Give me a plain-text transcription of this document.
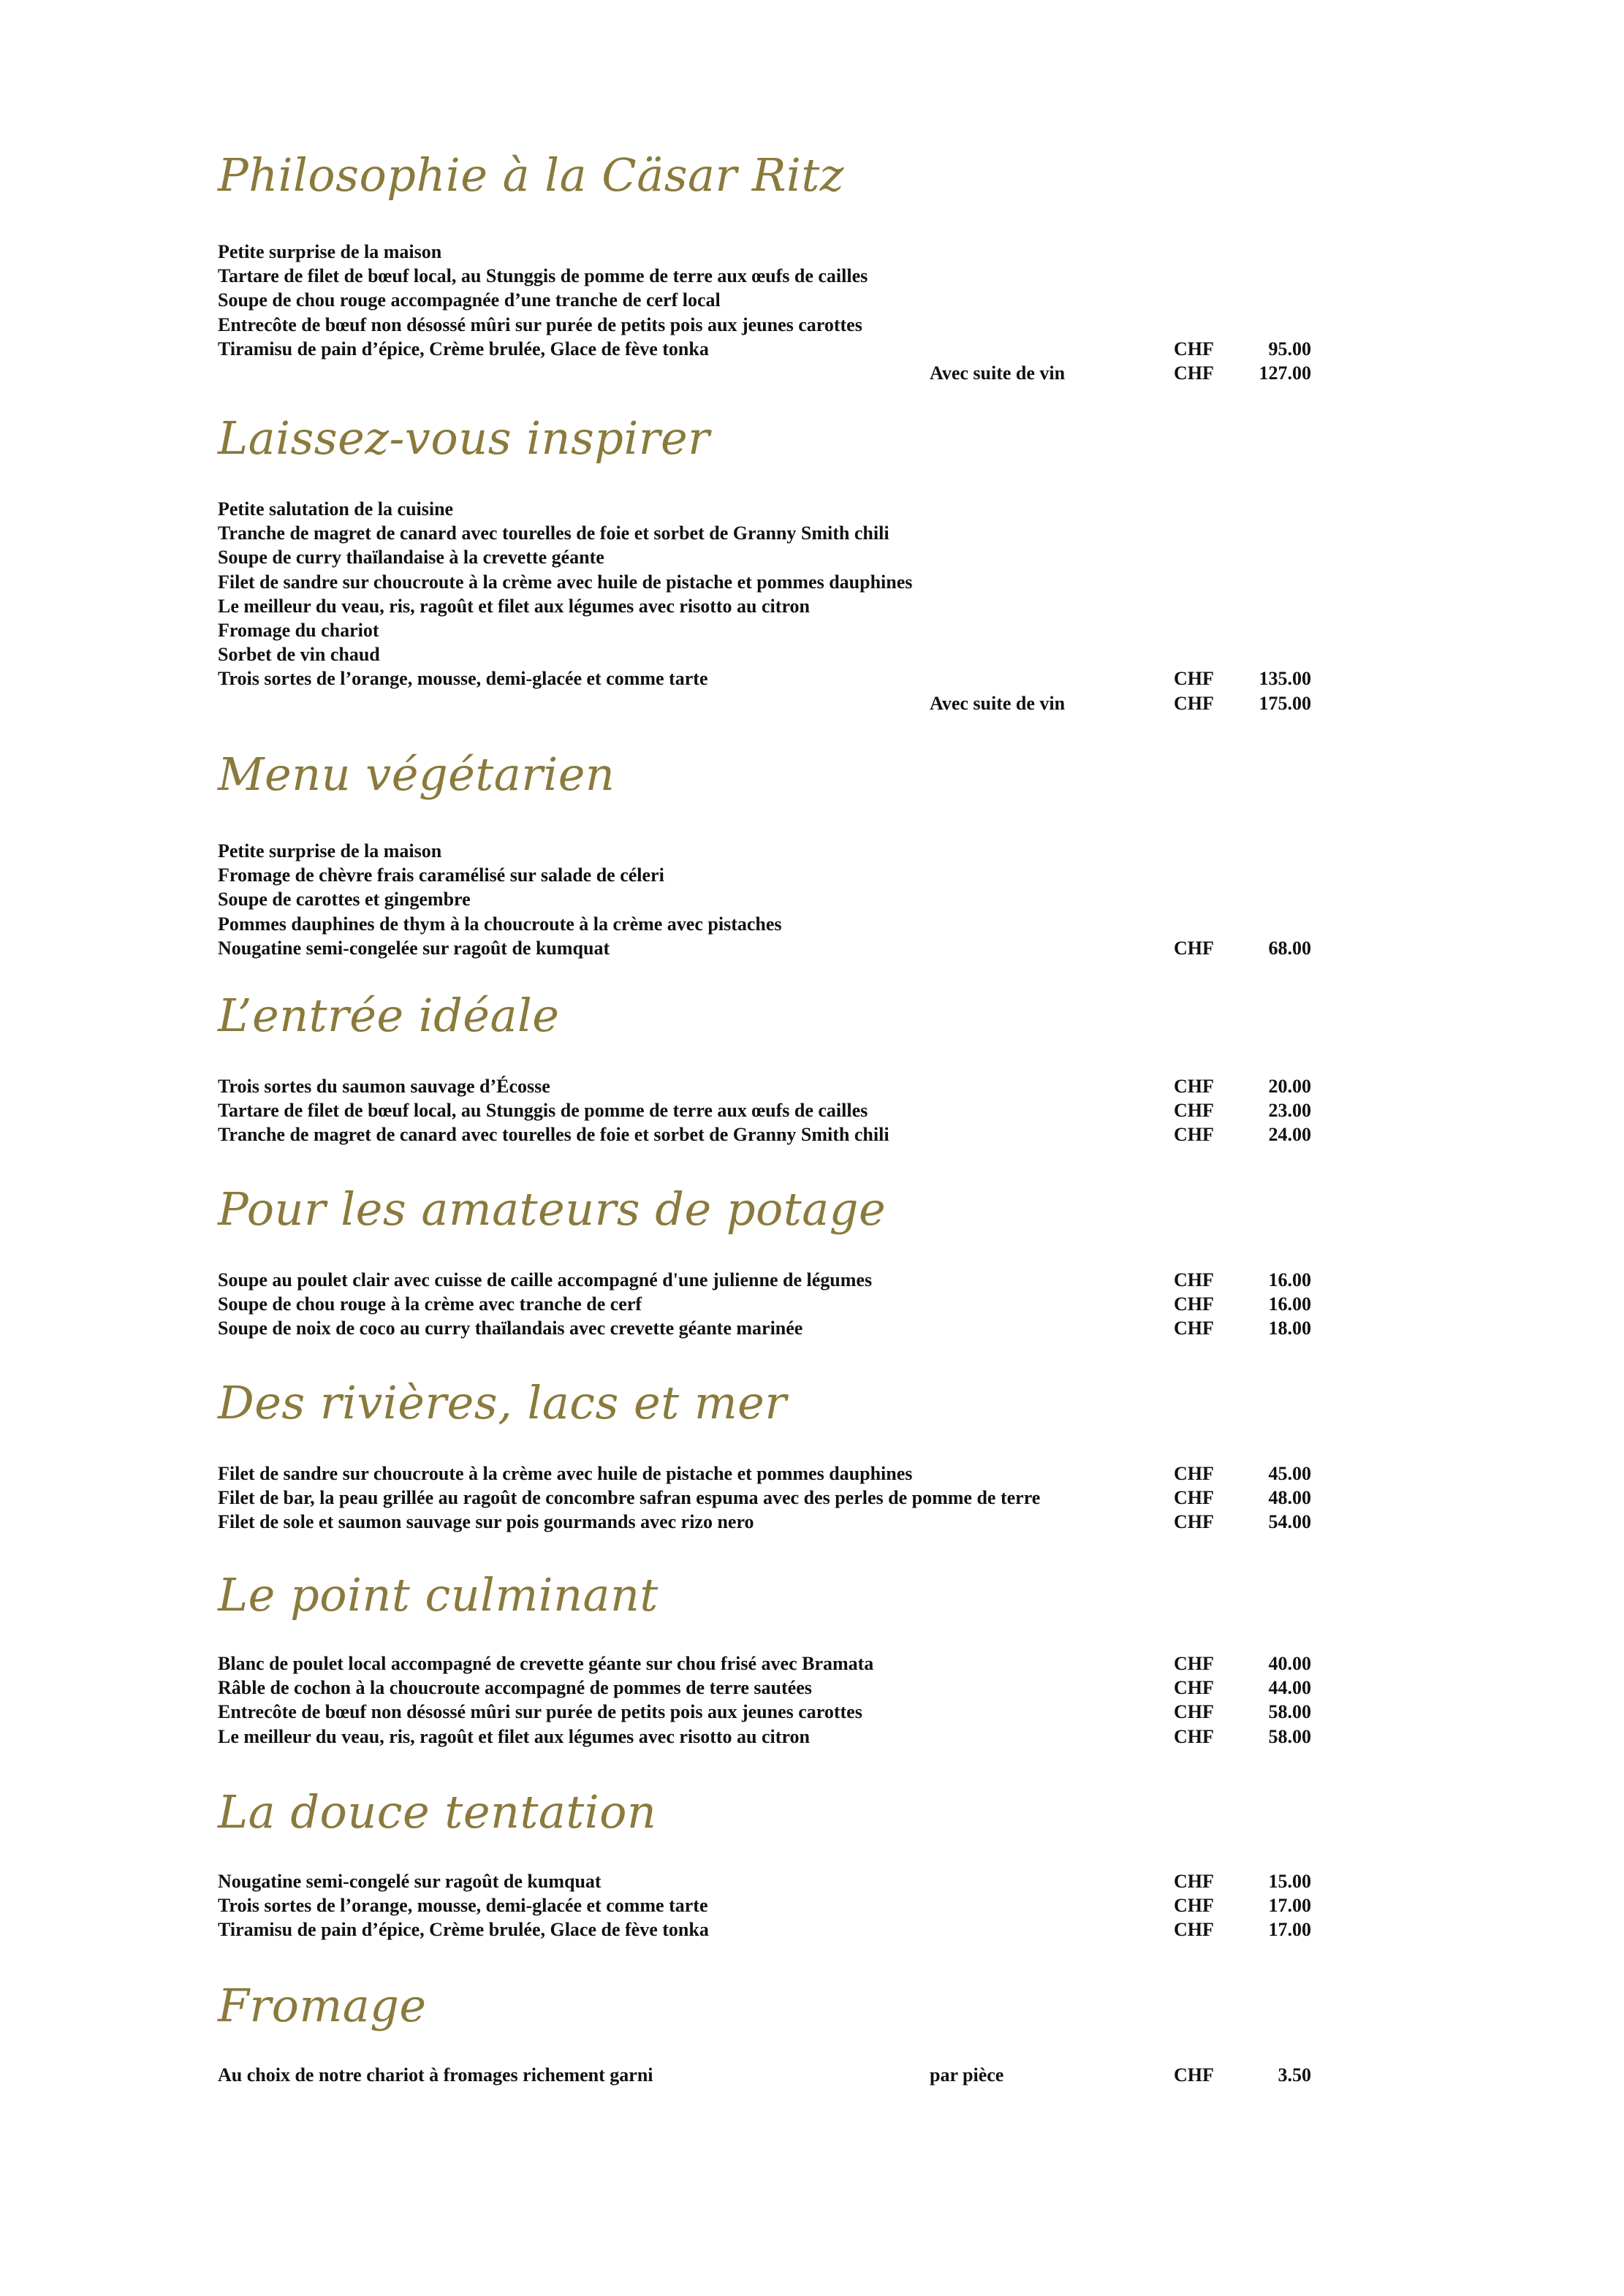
Philosophie à la Cäsar Ritz
Petite surprise de la maison
Tartare de filet de bœuf local, au Stunggis de pomme de terre aux œufs de cailles
Soupe de chou rouge accompagnée d’une tranche de cerf local
Entrecôte de bœuf non désossé mûri sur purée de petits pois aux jeunes carottes
Tiramisu de pain d’épice, Crème brulée, Glace de fève tonka	CHF	95.00
Avec suite de vin	CHF 127.00
Laissez-vous inspirer
Petite salutation de la cuisine
Tranche de magret de canard avec tourelles de foie et sorbet de Granny Smith chili
Soupe de curry thaïlandaise à la crevette géante
Filet de sandre sur choucroute à la crème avec huile de pistache et pommes dauphines
Le meilleur du veau, ris, ragoût et filet aux légumes avec risotto au citron
Fromage du chariot
Sorbet de vin chaud
Trois sortes de l’orange, mousse, demi-glacée et comme tarte	CHF 135.00
Avec suite de vin	CHF 175.00
Menu végétarien
Petite surprise de la maison
Fromage de chèvre frais caramélisé sur salade de céleri
Soupe de carottes et gingembre
Pommes dauphines de thym à la choucroute à la crème avec pistaches
Nougatine semi-congelée sur ragoût de kumquat	CHF	68.00
L’entrée idéale
Trois sortes du saumon sauvage d’Écosse	CHF	20.00
Tartare de filet de bœuf local, au Stunggis de pomme de terre aux œufs de cailles	CHF	23.00
Tranche de magret de canard avec tourelles de foie et sorbet de Granny Smith chili	CHF	24.00
Pour les amateurs de potage
Soupe au poulet clair avec cuisse de caille accompagné d'une julienne de légumes	CHF	16.00
Soupe de chou rouge à la crème avec tranche de cerf	CHF	16.00
Soupe de noix de coco au curry thaïlandais avec crevette géante marinée	CHF	18.00
Des rivières, lacs et mer
Filet de sandre sur choucroute à la crème avec huile de pistache et pommes dauphines	CHF	45.00
Filet de bar, la peau grillée au ragoût de concombre safran espuma avec des perles de pomme de terre	CHF	48.00
Filet de sole et saumon sauvage sur pois gourmands avec rizo nero	CHF	54.00
Le point culminant
Blanc de poulet local accompagné de crevette géante sur chou frisé avec Bramata	CHF	40.00
Râble de cochon à la choucroute accompagné de pommes de terre sautées	CHF	44.00
Entrecôte de bœuf non désossé mûri sur purée de petits pois aux jeunes carottes	CHF	58.00
Le meilleur du veau, ris, ragoût et filet aux légumes avec risotto au citron	CHF	58.00
La douce tentation
Nougatine semi-congelé sur ragoût de kumquat	CHF	15.00
Trois sortes de l’orange, mousse, demi-glacée et comme tarte	CHF	17.00
Tiramisu de pain d’épice, Crème brulée, Glace de fève tonka	CHF	17.00
Fromage
Au choix de notre chariot à fromages richement garni	par pièce	CHF	3.50
